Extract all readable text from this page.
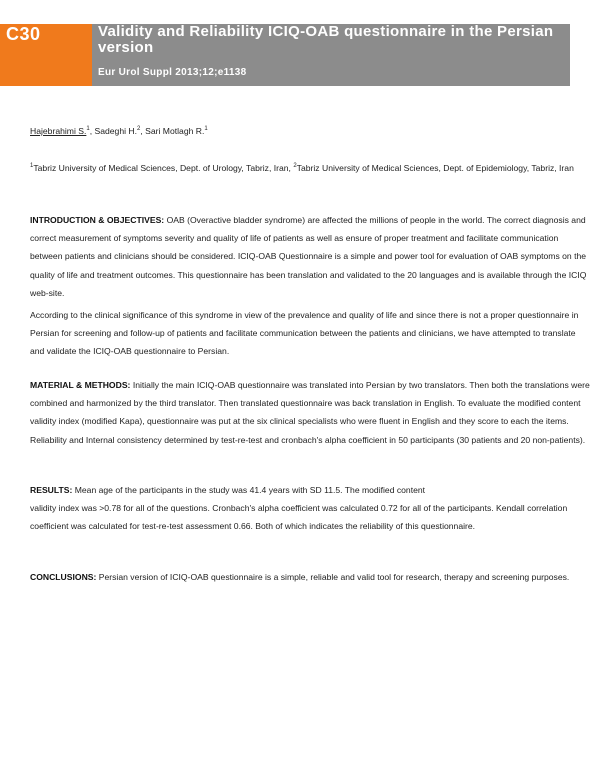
C30	Validity and Reliability ICIQ-OAB questionnaire in the Persian version
Eur Urol Suppl 2013;12;e1138
Hajebrahimi S.$^1$, Sadeghi H.$^2$, Sari Motlagh R.$^1$
$^1$Tabriz University of Medical Sciences, Dept. of Urology, Tabriz, Iran, $^2$Tabriz University of Medical Sciences, Dept. of Epidemiology, Tabriz, Iran
INTRODUCTION & OBJECTIVES: OAB (Overactive bladder syndrome) are affected the millions of people in the world. The correct diagnosis and correct measurement of symptoms severity and quality of life of patients as well as ensure of proper treatment and facilitate communication between patients and clinicians should be considered. ICIQ-OAB Questionnaire is a simple and power tool for evaluation of OAB symptoms on the quality of life and treatment outcomes. This questionnaire has been translation and validated to the 20 languages and is available through the ICIQ web-site.
According to the clinical significance of this syndrome in view of the prevalence and quality of life and since there is not a proper questionnaire in Persian for screening and follow-up of patients and facilitate communication between the patients and clinicians, we have attempted to translate and validate the ICIQ-OAB questionnaire to Persian.
MATERIAL & METHODS: Initially the main ICIQ-OAB questionnaire was translated into Persian by two translators. Then both the translations were combined and harmonized by the third translator. Then translated questionnaire was back translation in English. To evaluate the modified content validity index (modified Kapa), questionnaire was put at the six clinical specialists who were fluent in English and they score to each the items. Reliability and Internal consistency determined by test-re-test and cronbach's alpha coefficient in 50 participants (30 patients and 20 non-patients).
RESULTS: Mean age of the participants in the study was 41.4 years with SD 11.5. The modified content
validity index was >0.78 for all of the questions. Cronbach's alpha coefficient was calculated 0.72 for all of the participants. Kendall correlation coefficient was calculated for test-re-test assessment 0.66. Both of which indicates the reliability of this questionnaire.
CONCLUSIONS: Persian version of ICIQ-OAB questionnaire is a simple, reliable and valid tool for research, therapy and screening purposes.
